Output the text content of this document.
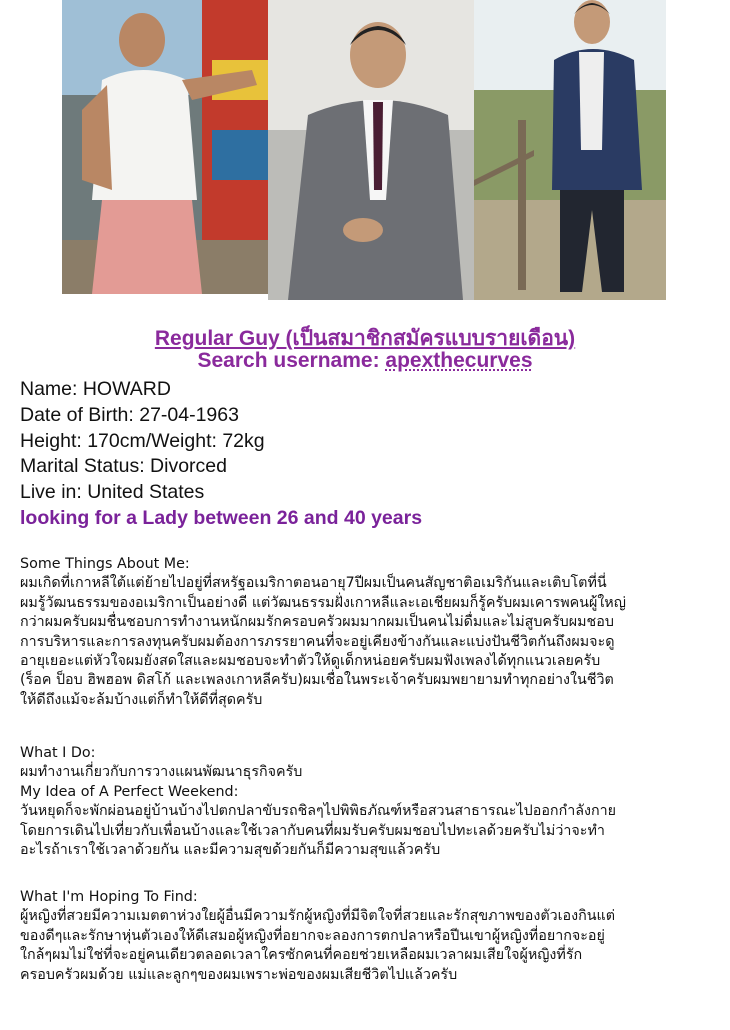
Regular Guy (เป็นสมาชิกสมัครแบบรายเดือน)
Search username: apexthecurves
Name: HOWARD
Date of Birth: 27-04-1963
Height: 170cm/Weight: 72kg
Marital Status: Divorced
Live in: United States
looking for a Lady between 26 and 40 years
Some Things About Me:
ผมเกิดที่เกาหลีใต้แต่ย้ายไปอยู่ที่สหรัฐอเมริกาตอนอายุ7ปีผมเป็นคนสัญชาติอเมริกันและเติบโตที่นี่
ผมรู้วัฒนธรรมของอเมริกาเป็นอย่างดี แต่วัฒนธรรมฝั่งเกาหลีและเอเชียผมก็รู้ครับผมเคารพคนผู้ใหญ่
กว่าผมครับผมชื่นชอบการทำงานหนักผมรักครอบครัวผมมากผมเป็นคนไม่ดื่มและไม่สูบครับผมชอบ
การบริหารและการลงทุนครับผมต้องการภรรยาคนที่จะอยู่เคียงข้างกันและแบ่งปันชีวิตกันถึงผมจะดู
อายุเยอะแต่หัวใจผมยังสดใสและผมชอบจะทำตัวให้ดูเด็กหน่อยครับผมฟังเพลงได้ทุกแนวเลยครับ
(ร็อค ป็อบ ฮิพฮอพ ดิสโก้ และเพลงเกาหลีครับ)ผมเชื่อในพระเจ้าครับผมพยายามทำทุกอย่างในชีวิต
ให้ดีถึงแม้จะล้มบ้างแต่ก็ทำให้ดีที่สุดครับ
What I Do:
ผมทำงานเกี่ยวกับการวางแผนพัฒนาธุรกิจครับ
My Idea of A Perfect Weekend:
วันหยุดก็จะพักผ่อนอยู่บ้านบ้างไปตกปลาขับรถชิลๆไปพิพิธภัณฑ์หรือสวนสาธารณะไปออกกำลังกาย
โดยการเดินไปเที่ยวกับเพื่อนบ้างและใช้เวลากับคนที่ผมรับครับผมชอบไปทะเลด้วยครับไม่ว่าจะทำ
อะไรถ้าเราใช้เวลาด้วยกัน และมีความสุขด้วยกันก็มีความสุขแล้วครับ
What I'm Hoping To Find:
ผู้หญิงที่สวยมีความเมตตาห่วงใยผู้อื่นมีความรักผู้หญิงที่มีจิตใจที่สวยและรักสุขภาพของตัวเองกินแต่
ของดีๆและรักษาหุ่นตัวเองให้ดีเสมอผู้หญิงที่อยากจะลองการตกปลาหรือปีนเขาผู้หญิงที่อยากจะอยู่
ใกล้ๆผมไม่ใช่ที่จะอยู่คนเดียวตลอดเวลาใครซักคนที่คอยช่วยเหลือผมเวลาผมเสียใจผู้หญิงที่รัก
ครอบครัวผมด้วย แม่และลูกๆของผมเพราะพ่อของผมเสียชีวิตไปแล้วครับ
